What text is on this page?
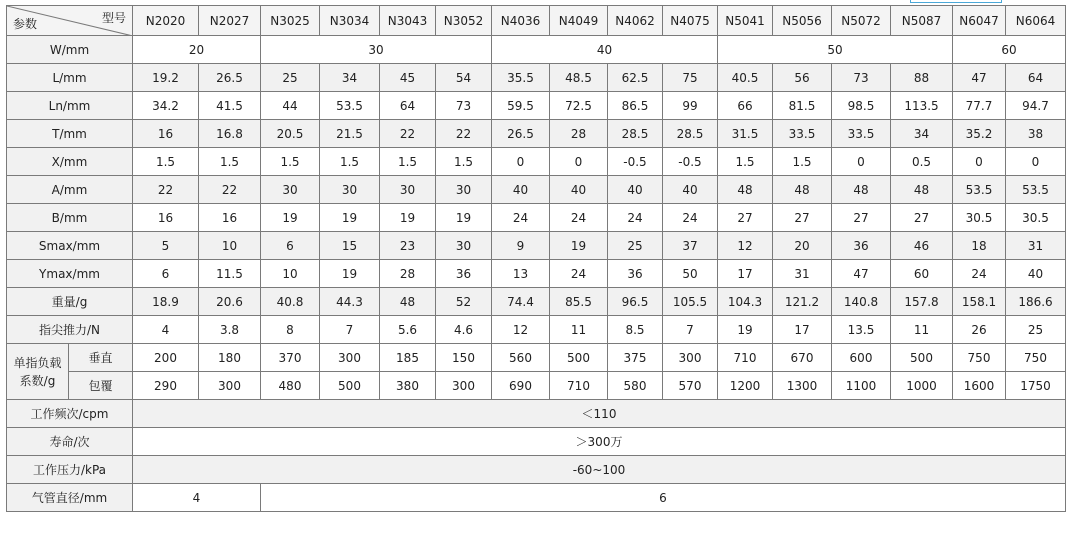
型号
参数		N2020	N2027	N3025	N3034	N3043	N3052	N4036	N4049	N4062	N4075	N5041	N5056	N5072	N5087	N6047	N6064
W/mm		20		30				40				50				60	
L/mm		19.2	26.5	25	34	45	54	35.5	48.5	62.5	75	40.5	56	73	88	47	64
Ln/mm		34.2	41.5	44	53.5	64	73	59.5	72.5	86.5	99	66	81.5	98.5	113.5	77.7	94.7
T/mm		16	16.8	20.5	21.5	22	22	26.5	28	28.5	28.5	31.5	33.5	33.5	34	35.2	38
X/mm		1.5	1.5	1.5	1.5	1.5	1.5	0	0	-0.5	-0.5	1.5	1.5	0	0.5	0	0
A/mm		22	22	30	30	30	30	40	40	40	40	48	48	48	48	53.5	53.5
B/mm		16	16	19	19	19	19	24	24	24	24	27	27	27	27	30.5	30.5
Smax/mm		5	10	6	15	23	30	9	19	25	37	12	20	36	46	18	31
Ymax/mm		6	11.5	10	19	28	36	13	24	36	50	17	31	47	60	24	40
重量/g		18.9	20.6	40.8	44.3	48	52	74.4	85.5	96.5	105.5	104.3	121.2	140.8	157.8	158.1	186.6
指尖推力/N		4	3.8	8	7	5.6	4.6	12	11	8.5	7	19	17	13.5	11	26	25

单指负载
系数/g	垂直	200	180	370	300	185	150	560	500	375	300	710	670	600	500	750	750
	包覆	290	300	480	500	380	300	690	710	580	570	1200	1300	1100	1000	1600	1750
工作频次/cpm		＜110															
寿命/次		＞300万															
工作压力/kPa		-60~100															
气管直径/mm		4		6													
